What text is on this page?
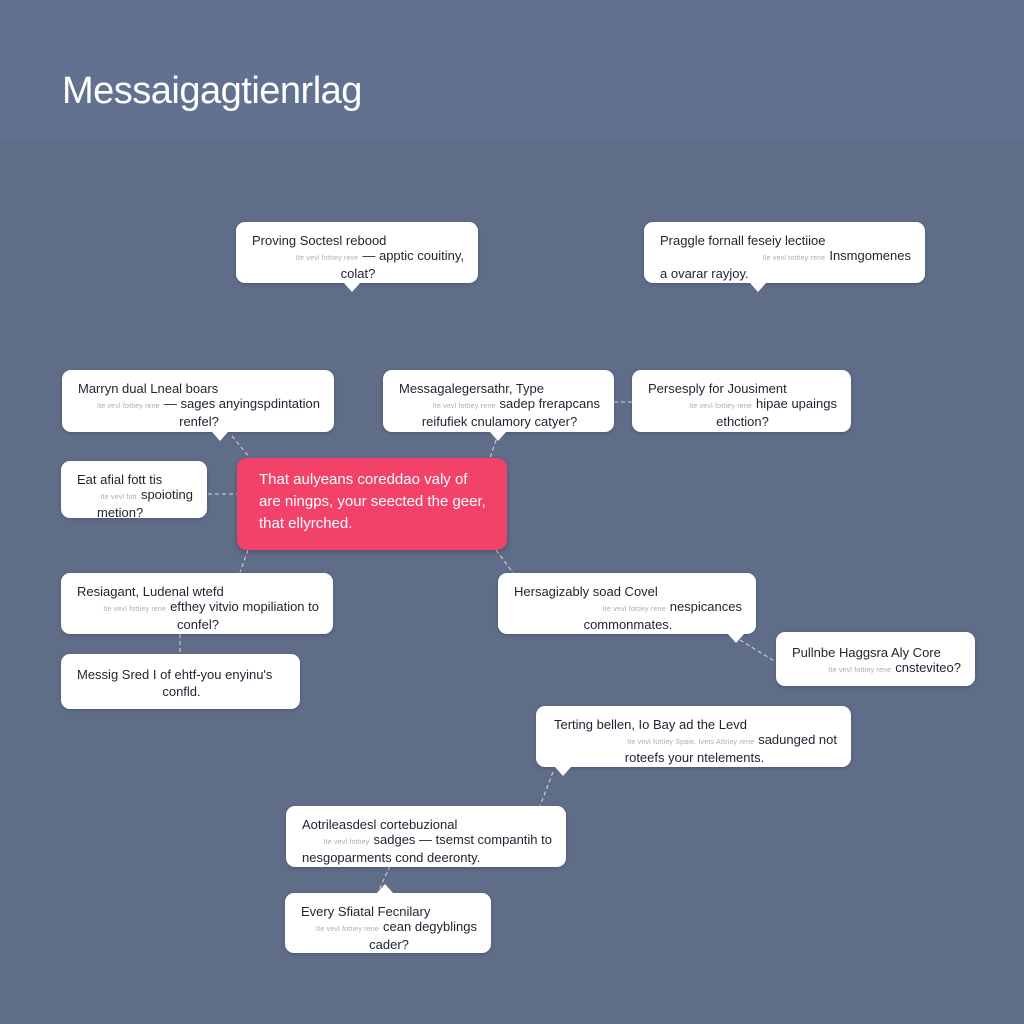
Messaigagtienrlag
Proving Soctesl rebood
Ite vevl fottiey reve — apptic couitiny,
colat?
Praggle fornall feseiy lectiioe
Ile vevl tottiey rene Insmgomenes
a ovarar rayjoy.
Marryn dual Lneal boars
Ite vevl fottiey rene — sages anyingspdintation
renfel?
Messagalegersathr, Type
Ite vevl fottiey rene sadep frerapcans
reifufiek cnulamory catyer?
Persesply for Jousiment
Ite vevl fottiey rene hipae upaings
ethction?
Eat afial fott tis
Ite vevl fott spoioting
metion?
That aulyeans coreddao valy of
are ningps, your seected the geer,
that ellyrched.
Resiagant, Ludenal wtefd
Ite vevl fottiey rene efthey vitvio mopiliation to
confel?
Hersagizably soad Covel
Ite vevl fottiey rene nespicances
commonmates.
Messig Sred I of ehtf-you enyinu's
confld.
Pullnbe Haggsra Aly Core
Ite vevl fottiey rene cnsteviteo?
Terting bellen, Io Bay ad the Levd
Ite vevl fottiey Spaie. Ivets Attriey rene sadunged not
roteefs your ntelements.
Aotrileasdesl cortebuzional
Ite vevl fottiey sadges — tsemst compantih to
nesgoparments cond deeronty.
Every Sfiatal Fecnilary
Ite vevl fottiey rene cean degyblings
cader?
